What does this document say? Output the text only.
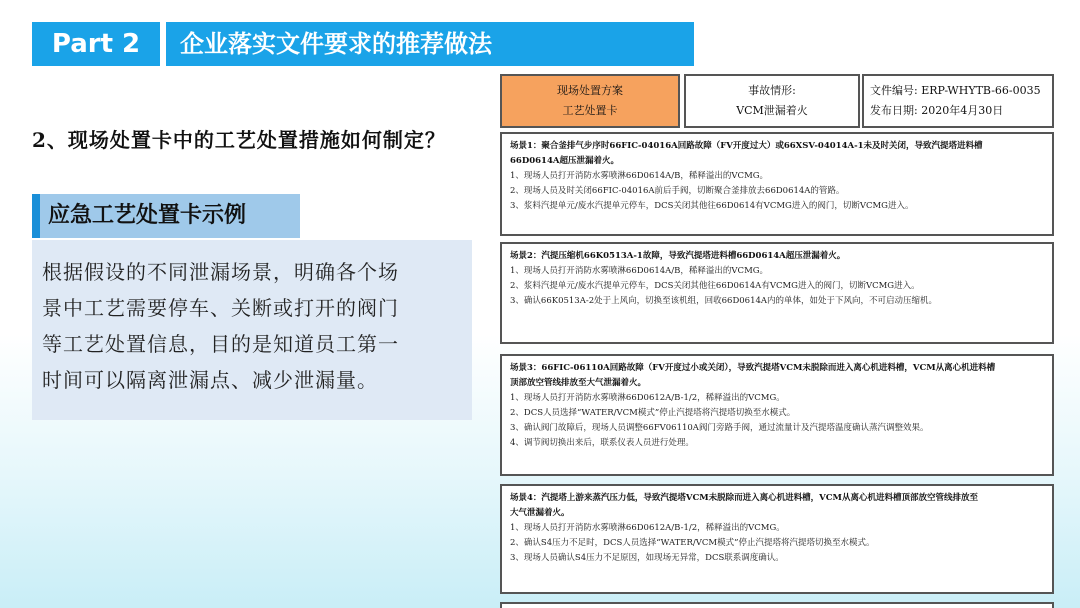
Part 2	企业落实文件要求的推荐做法
2、现场处置卡中的工艺处置措施如何制定？
应急工艺处置卡示例
根据假设的不同泄漏场景，明确各个场
景中工艺需要停车、关断或打开的阀门
等工艺处置信息，目的是知道员工第一
时间可以隔离泄漏点、减少泄漏量。
现场处置方案
工艺处置卡
事故情形:
VCM泄漏着火
文件编号: ERP-WHYTB-66-0035
发布日期: 2020年4月30日
场景1：聚合釜排气步序时66FIC-04016A回路故障（FV开度过大）或66XSV-04014A-1未及时关闭，导致汽提塔进料槽
66D0614A超压泄漏着火。
1、现场人员打开消防水雾喷淋66D0614A/B，稀释溢出的VCMG。
2、现场人员及时关闭66FIC-04016A前后手阀，切断聚合釜排放去66D0614A的管路。
3、浆料汽提单元/废水汽提单元停车，DCS关闭其他往66D0614有VCMG进入的阀门，切断VCMG进入。
场景2：汽提压缩机66K0513A-1故障，导致汽提塔进料槽66D0614A超压泄漏着火。
1、现场人员打开消防水雾喷淋66D0614A/B，稀释溢出的VCMG。
2、浆料汽提单元/废水汽提单元停车，DCS关闭其他往66D0614A有VCMG进入的阀门，切断VCMG进入。
3、确认66K0513A-2处于上风向，切换至该机组，回收66D0614A内的单体，如处于下风向，不可启动压缩机。
场景3：66FIC-06110A回路故障（FV开度过小或关闭），导致汽提塔VCM未脱除而进入离心机进料槽，VCM从离心机进料槽
顶部放空管线排放至大气泄漏着火。
1、现场人员打开消防水雾喷淋66D0612A/B-1/2，稀释溢出的VCMG。
2、DCS人员选择“WATER/VCM模式”停止汽提塔将汽提塔切换至水模式。
3、确认阀门故障后，现场人员调整66FV06110A阀门旁路手阀，通过流量计及汽提塔温度确认蒸汽调整效果。
4、调节阀切换出来后，联系仪表人员进行处理。
场景4：汽提塔上游来蒸汽压力低，导致汽提塔VCM未脱除而进入离心机进料槽，VCM从离心机进料槽顶部放空管线排放至
大气泄漏着火。
1、现场人员打开消防水雾喷淋66D0612A/B-1/2，稀释溢出的VCMG。
2、确认S4压力不足时，DCS人员选择“WATER/VCM模式”停止汽提塔将汽提塔切换至水模式。
3、现场人员确认S4压力不足原因，如现场无异常，DCS联系调度确认。
